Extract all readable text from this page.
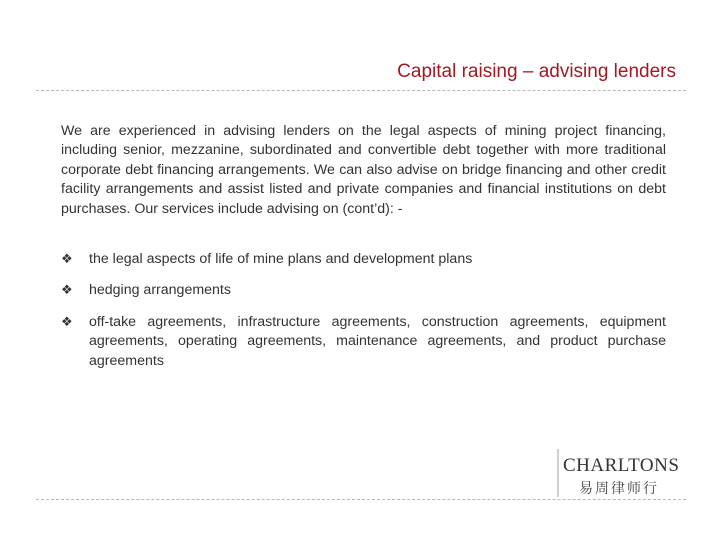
Capital raising – advising lenders
We are experienced in advising lenders on the legal aspects of mining project financing, including senior, mezzanine, subordinated and convertible debt together with more traditional corporate debt financing arrangements. We can also advise on bridge financing and other credit facility arrangements and assist listed and private companies and financial institutions on debt purchases. Our services include advising on (cont’d): -
❖ the legal aspects of life of mine plans and development plans
❖ hedging arrangements
❖ off-take agreements, infrastructure agreements, construction agreements, equipment agreements, operating agreements, maintenance agreements, and product purchase agreements
CHARLTONS
易周律师行
